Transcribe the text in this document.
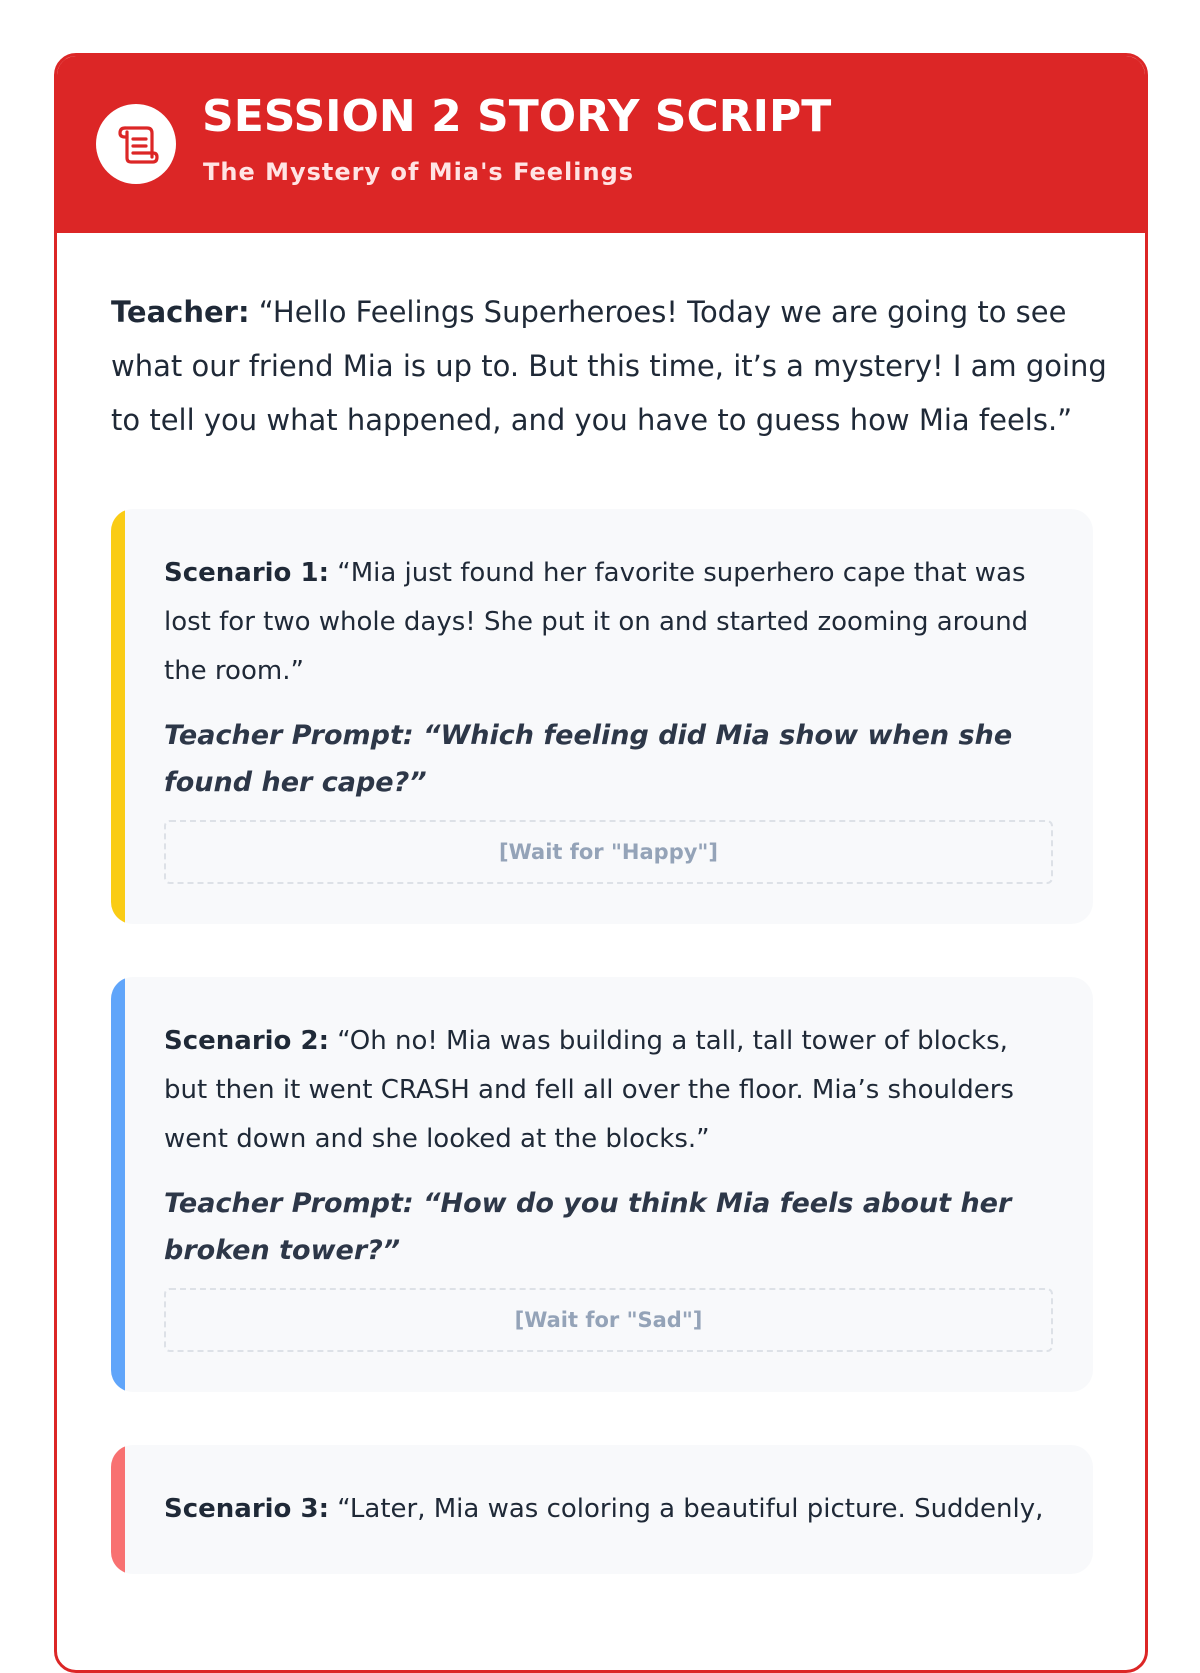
SESSION 2 STORY SCRIPT
The Mystery of Mia's Feelings

Teacher: “Hello Feelings Superheroes! Today we are going to see what our friend Mia is up to. But this time, it’s a mystery! I am going to tell you what happened, and you have to guess how Mia feels.”

Scenario 1: “Mia just found her favorite superhero cape that was lost for two whole days! She put it on and started zooming around the room.”

Teacher Prompt: “Which feeling did Mia show when she found her cape?”

[Wait for "Happy"]

Scenario 2: “Oh no! Mia was building a tall, tall tower of blocks, but then it went CRASH and fell all over the floor. Mia’s shoulders went down and she looked at the blocks.”

Teacher Prompt: “How do you think Mia feels about her broken tower?”

[Wait for "Sad"]

Scenario 3: “Later, Mia was coloring a beautiful picture. Suddenly,
